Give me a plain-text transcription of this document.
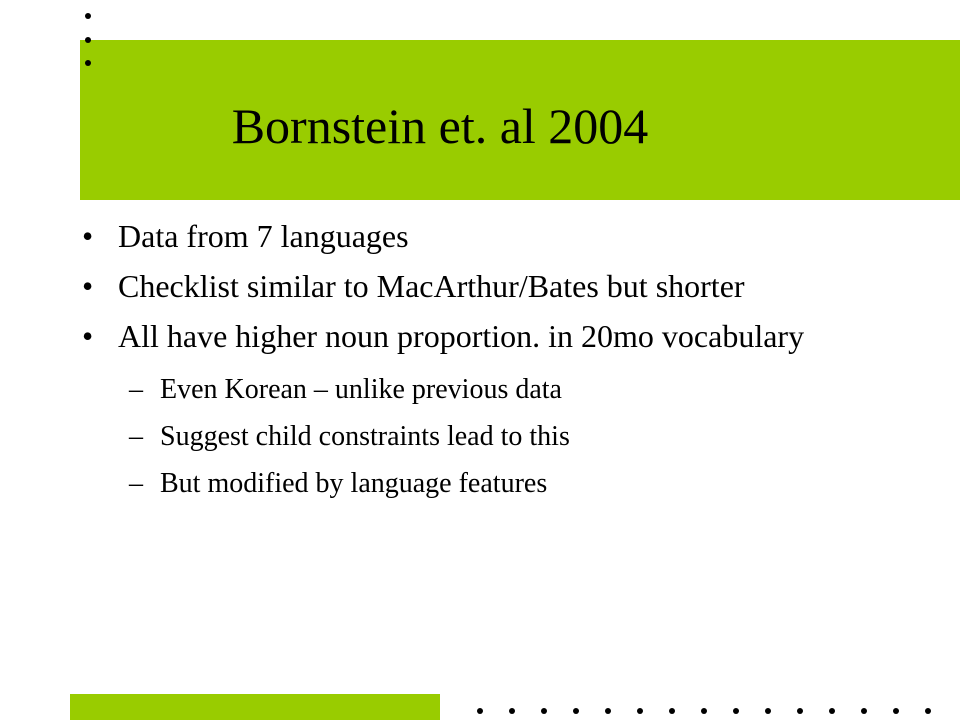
Bornstein et. al 2004
• Data from 7 languages
• Checklist similar to MacArthur/Bates but shorter
• All have higher noun proportion. in 20mo vocabulary
– Even Korean – unlike previous data
– Suggest child constraints lead to this
– But modified by language features
